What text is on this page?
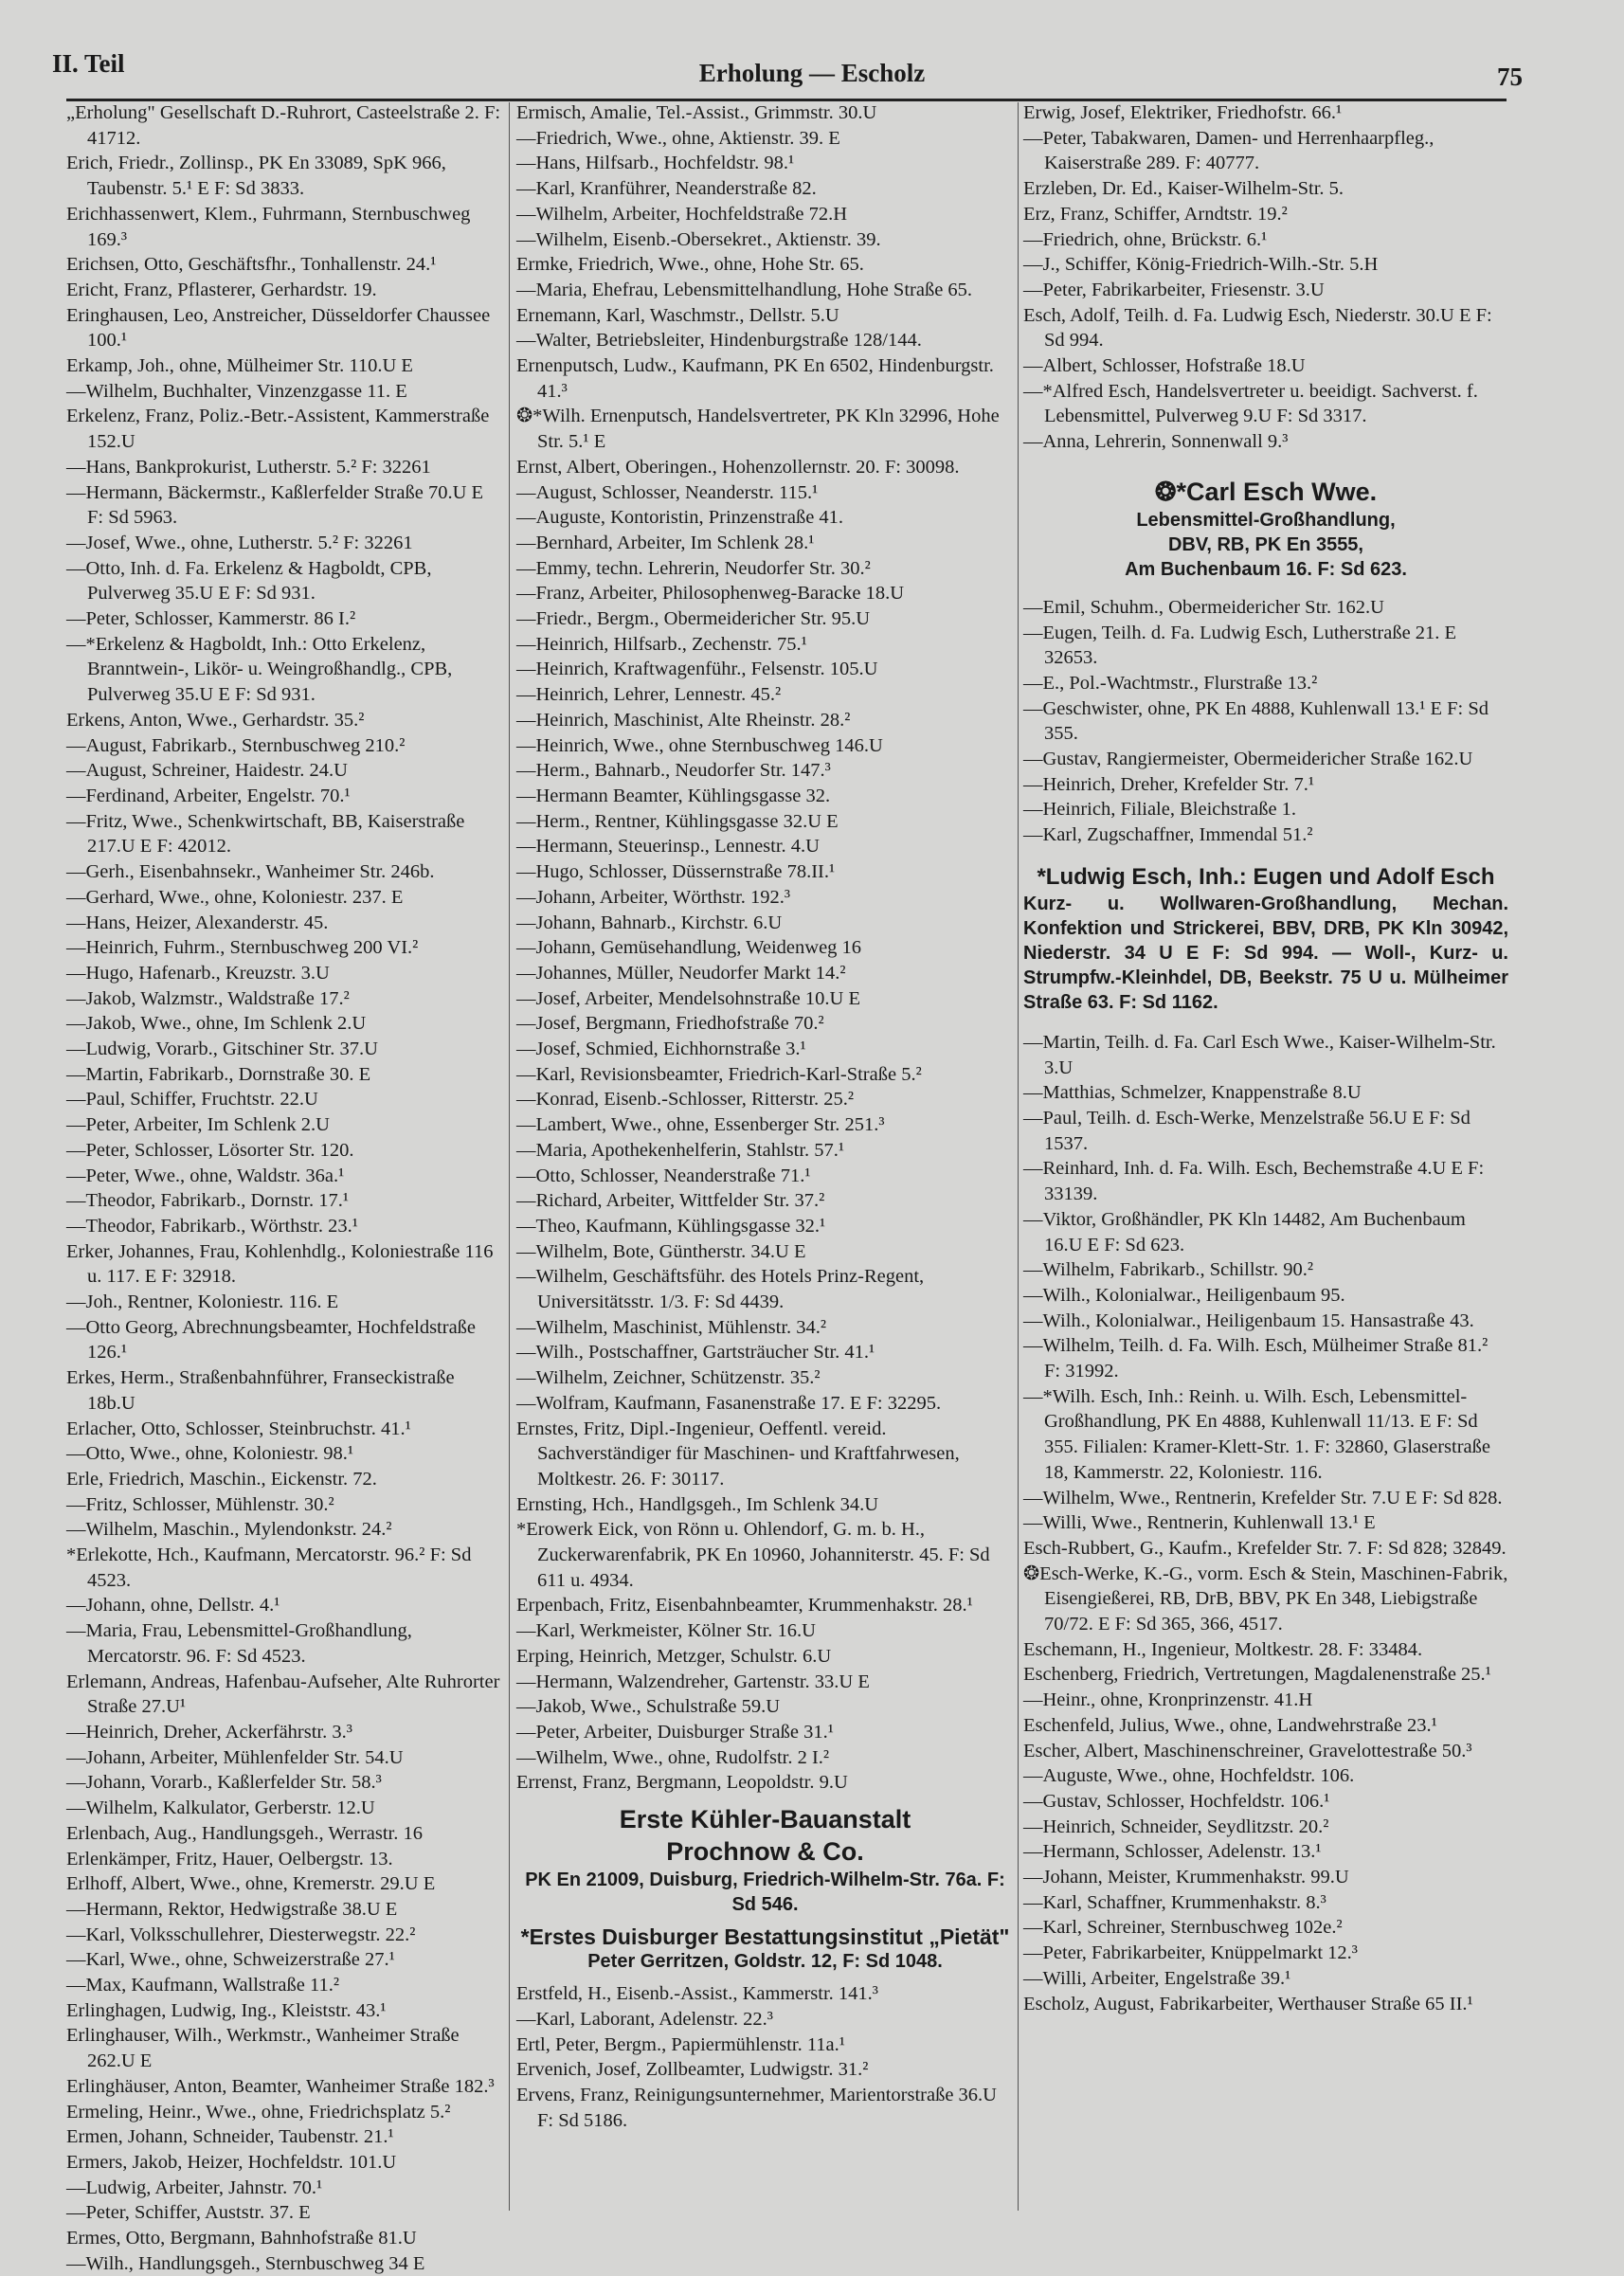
II. Teil	Erholung — Escholz	75
„Erholung" Gesellschaft D.-Ruhrort, Casteelstraße 2. F: 41712.
Erich, Friedr., Zollinsp., PK En 33089, SpK 966, Taubenstr. 5.¹ E F: Sd 3833.
Erichhassenwert, Klem., Fuhrmann, Sternbuschweg 169.³
Erichsen, Otto, Geschäftsfhr., Tonhallenstr. 24.¹
Ericht, Franz, Pflasterer, Gerhardstr. 19.
Eringhausen, Leo, Anstreicher, Düsseldorfer Chaussee 100.¹
Erkamp, Joh., ohne, Mülheimer Str. 110.U E
—Wilhelm, Buchhalter, Vinzenzgasse 11. E
Erkelenz, Franz, Poliz.-Betr.-Assistent, Kammerstraße 152.U
—Hans, Bankprokurist, Lutherstr. 5.² F: 32261
—Hermann, Bäckermstr., Kaßlerfelder Straße 70.U E F: Sd 5963.
—Josef, Wwe., ohne, Lutherstr. 5.² F: 32261
—Otto, Inh. d. Fa. Erkelenz & Hagboldt, CPB, Pulverweg 35.U E F: Sd 931.
—Peter, Schlosser, Kammerstr. 86 I.²
—*Erkelenz & Hagboldt, Inh.: Otto Erkelenz, Branntwein-, Likör- u. Weingroßhandlg., CPB, Pulverweg 35.U E F: Sd 931.
Erkens, Anton, Wwe., Gerhardstr. 35.²
—August, Fabrikarb., Sternbuschweg 210.²
—August, Schreiner, Haidestr. 24.U
—Ferdinand, Arbeiter, Engelstr. 70.¹
—Fritz, Wwe., Schenkwirtschaft, BB, Kaiserstraße 217.U E F: 42012.
—Gerh., Eisenbahnsekr., Wanheimer Str. 246b.
—Gerhard, Wwe., ohne, Koloniestr. 237. E
—Hans, Heizer, Alexanderstr. 45.
—Heinrich, Fuhrm., Sternbuschweg 200 VI.²
—Hugo, Hafenarb., Kreuzstr. 3.U
—Jakob, Walzmstr., Waldstraße 17.²
—Jakob, Wwe., ohne, Im Schlenk 2.U
—Ludwig, Vorarb., Gitschiner Str. 37.U
—Martin, Fabrikarb., Dornstraße 30. E
—Paul, Schiffer, Fruchtstr. 22.U
—Peter, Arbeiter, Im Schlenk 2.U
—Peter, Schlosser, Lösorter Str. 120.
—Peter, Wwe., ohne, Waldstr. 36a.¹
—Theodor, Fabrikarb., Dornstr. 17.¹
—Theodor, Fabrikarb., Wörthstr. 23.¹
Erker, Johannes, Frau, Kohlenhdlg., Koloniestraße 116 u. 117. E F: 32918.
—Joh., Rentner, Koloniestr. 116. E
—Otto Georg, Abrechnungsbeamter, Hochfeldstraße 126.¹
Erkes, Herm., Straßenbahnführer, Franseckistraße 18b.U
Erlacher, Otto, Schlosser, Steinbruchstr. 41.¹
—Otto, Wwe., ohne, Koloniestr. 98.¹
Erle, Friedrich, Maschin., Eickenstr. 72.
—Fritz, Schlosser, Mühlenstr. 30.²
—Wilhelm, Maschin., Mylendonkstr. 24.²
*Erlekotte, Hch., Kaufmann, Mercatorstr. 96.² F: Sd 4523.
—Johann, ohne, Dellstr. 4.¹
—Maria, Frau, Lebensmittel-Großhandlung, Mercatorstr. 96. F: Sd 4523.
Erlemann, Andreas, Hafenbau-Aufseher, Alte Ruhrorter Straße 27.U¹
—Heinrich, Dreher, Ackerfährstr. 3.³
—Johann, Arbeiter, Mühlenfelder Str. 54.U
—Johann, Vorarb., Kaßlerfelder Str. 58.³
—Wilhelm, Kalkulator, Gerberstr. 12.U
Erlenbach, Aug., Handlungsgeh., Werrastr. 16
Erlenkämper, Fritz, Hauer, Oelbergstr. 13.
Erlhoff, Albert, Wwe., ohne, Kremerstr. 29.U E
—Hermann, Rektor, Hedwigstraße 38.U E
—Karl, Volksschullehrer, Diesterwegstr. 22.²
—Karl, Wwe., ohne, Schweizerstraße 27.¹
—Max, Kaufmann, Wallstraße 11.²
Erlinghagen, Ludwig, Ing., Kleiststr. 43.¹
Erlinghauser, Wilh., Werkmstr., Wanheimer Straße 262.U E
Erlinghäuser, Anton, Beamter, Wanheimer Straße 182.³
Ermeling, Heinr., Wwe., ohne, Friedrichsplatz 5.²
Ermen, Johann, Schneider, Taubenstr. 21.¹
Ermers, Jakob, Heizer, Hochfeldstr. 101.U
—Ludwig, Arbeiter, Jahnstr. 70.¹
—Peter, Schiffer, Auststr. 37. E
Ermes, Otto, Bergmann, Bahnhofstraße 81.U
—Wilh., Handlungsgeh., Sternbuschweg 34 E
Ermisch, Amalie, Tel.-Assist., Grimmstr. 30.U
—Friedrich, Wwe., ohne, Aktienstr. 39. E
—Hans, Hilfsarb., Hochfeldstr. 98.¹
—Karl, Kranführer, Neanderstraße 82.
—Wilhelm, Arbeiter, Hochfeldstraße 72.H
—Wilhelm, Eisenb.-Obersekret., Aktienstr. 39.
Ermke, Friedrich, Wwe., ohne, Hohe Str. 65.
—Maria, Ehefrau, Lebensmittelhandlung, Hohe Straße 65.
Ernemann, Karl, Waschmstr., Dellstr. 5.U
—Walter, Betriebsleiter, Hindenburgstraße 128/144.
Ernenputsch, Ludw., Kaufmann, PK En 6502, Hindenburgstr. 41.³
❂*Wilh. Ernenputsch, Handelsvertreter, PK Kln 32996, Hohe Str. 5.¹ E
Ernst, Albert, Oberingen., Hohenzollernstr. 20. F: 30098.
—August, Schlosser, Neanderstr. 115.¹
—Auguste, Kontoristin, Prinzenstraße 41.
—Bernhard, Arbeiter, Im Schlenk 28.¹
—Emmy, techn. Lehrerin, Neudorfer Str. 30.²
—Franz, Arbeiter, Philosophenweg-Baracke 18.U
—Friedr., Bergm., Obermeidericher Str. 95.U
—Heinrich, Hilfsarb., Zechenstr. 75.¹
—Heinrich, Kraftwagenführ., Felsenstr. 105.U
—Heinrich, Lehrer, Lennestr. 45.²
—Heinrich, Maschinist, Alte Rheinstr. 28.²
—Heinrich, Wwe., ohne Sternbuschweg 146.U
—Herm., Bahnarb., Neudorfer Str. 147.³
—Hermann Beamter, Kühlingsgasse 32.
—Herm., Rentner, Kühlingsgasse 32.U E
—Hermann, Steuerinsp., Lennestr. 4.U
—Hugo, Schlosser, Düssernstraße 78.II.¹
—Johann, Arbeiter, Wörthstr. 192.³
—Johann, Bahnarb., Kirchstr. 6.U
—Johann, Gemüsehandlung, Weidenweg 16
—Johannes, Müller, Neudorfer Markt 14.²
—Josef, Arbeiter, Mendelsohnstraße 10.U E
—Josef, Bergmann, Friedhofstraße 70.²
—Josef, Schmied, Eichhornstraße 3.¹
—Karl, Revisionsbeamter, Friedrich-Karl-Straße 5.²
—Konrad, Eisenb.-Schlosser, Ritterstr. 25.²
—Lambert, Wwe., ohne, Essenberger Str. 251.³
—Maria, Apothekenhelferin, Stahlstr. 57.¹
—Otto, Schlosser, Neanderstraße 71.¹
—Richard, Arbeiter, Wittfelder Str. 37.²
—Theo, Kaufmann, Kühlingsgasse 32.¹
—Wilhelm, Bote, Güntherstr. 34.U E
—Wilhelm, Geschäftsführ. des Hotels Prinz-Regent, Universitätsstr. 1/3. F: Sd 4439.
—Wilhelm, Maschinist, Mühlenstr. 34.²
—Wilh., Postschaffner, Gartsträucher Str. 41.¹
—Wilhelm, Zeichner, Schützenstr. 35.²
—Wolfram, Kaufmann, Fasanenstraße 17. E F: 32295.
Ernstes, Fritz, Dipl.-Ingenieur, Oeffentl. vereid. Sachverständiger für Maschinen- und Kraftfahrwesen, Moltkestr. 26. F: 30117.
Ernsting, Hch., Handlgsgeh., Im Schlenk 34.U
*Erowerk Eick, von Rönn u. Ohlendorf, G. m. b. H., Zuckerwarenfabrik, PK En 10960, Johanniterstr. 45. F: Sd 611 u. 4934.
Erpenbach, Fritz, Eisenbahnbeamter, Krummenhakstr. 28.¹
—Karl, Werkmeister, Kölner Str. 16.U
Erping, Heinrich, Metzger, Schulstr. 6.U
—Hermann, Walzendreher, Gartenstr. 33.U E
—Jakob, Wwe., Schulstraße 59.U
—Peter, Arbeiter, Duisburger Straße 31.¹
—Wilhelm, Wwe., ohne, Rudolfstr. 2 I.²
Errenst, Franz, Bergmann, Leopoldstr. 9.U
Erste Kühler-Bauanstalt
Prochnow & Co.
PK En 21009, Duisburg, Friedrich-Wilhelm-Str. 76a. F: Sd 546.
*Erstes Duisburger Bestattungsinstitut „Pietät"
Peter Gerritzen, Goldstr. 12, F: Sd 1048.
Erstfeld, H., Eisenb.-Assist., Kammerstr. 141.³
—Karl, Laborant, Adelenstr. 22.³
Ertl, Peter, Bergm., Papiermühlenstr. 11a.¹
Ervenich, Josef, Zollbeamter, Ludwigstr. 31.²
Ervens, Franz, Reinigungsunternehmer, Marientorstraße 36.U F: Sd 5186.
Erwig, Josef, Elektriker, Friedhofstr. 66.¹
—Peter, Tabakwaren, Damen- und Herrenhaarpfleg., Kaiserstraße 289. F: 40777.
Erzleben, Dr. Ed., Kaiser-Wilhelm-Str. 5.
Erz, Franz, Schiffer, Arndtstr. 19.²
—Friedrich, ohne, Brückstr. 6.¹
—J., Schiffer, König-Friedrich-Wilh.-Str. 5.H
—Peter, Fabrikarbeiter, Friesenstr. 3.U
Esch, Adolf, Teilh. d. Fa. Ludwig Esch, Niederstr. 30.U E F: Sd 994.
—Albert, Schlosser, Hofstraße 18.U
—*Alfred Esch, Handelsvertreter u. beeidigt. Sachverst. f. Lebensmittel, Pulverweg 9.U F: Sd 3317.
—Anna, Lehrerin, Sonnenwall 9.³
❂*Carl Esch Wwe.
Lebensmittel-Großhandlung,
DBV, RB, PK En 3555,
Am Buchenbaum 16. F: Sd 623.
—Emil, Schuhm., Obermeidericher Str. 162.U
—Eugen, Teilh. d. Fa. Ludwig Esch, Lutherstraße 21. E 32653.
—E., Pol.-Wachtmstr., Flurstraße 13.²
—Geschwister, ohne, PK En 4888, Kuhlenwall 13.¹ E F: Sd 355.
—Gustav, Rangiermeister, Obermeidericher Straße 162.U
—Heinrich, Dreher, Krefelder Str. 7.¹
—Heinrich, Filiale, Bleichstraße 1.
—Karl, Zugschaffner, Immendal 51.²
*Ludwig Esch, Inh.: Eugen und Adolf Esch
Kurz- u. Wollwaren-Großhandlung, Mechan. Konfektion und Strickerei, BBV, DRB, PK Kln 30942, Niederstr. 34 U E F: Sd 994. — Woll-, Kurz- u. Strumpfw.-Kleinhdel, DB, Beekstr. 75 U u. Mülheimer Straße 63. F: Sd 1162.
—Martin, Teilh. d. Fa. Carl Esch Wwe., Kaiser-Wilhelm-Str. 3.U
—Matthias, Schmelzer, Knappenstraße 8.U
—Paul, Teilh. d. Esch-Werke, Menzelstraße 56.U E F: Sd 1537.
—Reinhard, Inh. d. Fa. Wilh. Esch, Bechemstraße 4.U E F: 33139.
—Viktor, Großhändler, PK Kln 14482, Am Buchenbaum 16.U E F: Sd 623.
—Wilhelm, Fabrikarb., Schillstr. 90.²
—Wilh., Kolonialwar., Heiligenbaum 95.
—Wilh., Kolonialwar., Heiligenbaum 15. Hansastraße 43.
—Wilhelm, Teilh. d. Fa. Wilh. Esch, Mülheimer Straße 81.² F: 31992.
—*Wilh. Esch, Inh.: Reinh. u. Wilh. Esch, Lebensmittel-Großhandlung, PK En 4888, Kuhlenwall 11/13. E F: Sd 355. Filialen: Kramer-Klett-Str. 1. F: 32860, Glaserstraße 18, Kammerstr. 22, Koloniestr. 116.
—Wilhelm, Wwe., Rentnerin, Krefelder Str. 7.U E F: Sd 828.
—Willi, Wwe., Rentnerin, Kuhlenwall 13.¹ E
Esch-Rubbert, G., Kaufm., Krefelder Str. 7. F: Sd 828; 32849.
❂Esch-Werke, K.-G., vorm. Esch & Stein, Maschinen-Fabrik, Eisengießerei, RB, DrB, BBV, PK En 348, Liebigstraße 70/72. E F: Sd 365, 366, 4517.
Eschemann, H., Ingenieur, Moltkestr. 28. F: 33484.
Eschenberg, Friedrich, Vertretungen, Magdalenenstraße 25.¹
—Heinr., ohne, Kronprinzenstr. 41.H
Eschenfeld, Julius, Wwe., ohne, Landwehrstraße 23.¹
Escher, Albert, Maschinenschreiner, Gravelottestraße 50.³
—Auguste, Wwe., ohne, Hochfeldstr. 106.
—Gustav, Schlosser, Hochfeldstr. 106.¹
—Heinrich, Schneider, Seydlitzstr. 20.²
—Hermann, Schlosser, Adelenstr. 13.¹
—Johann, Meister, Krummenhakstr. 99.U
—Karl, Schaffner, Krummenhakstr. 8.³
—Karl, Schreiner, Sternbuschweg 102e.²
—Peter, Fabrikarbeiter, Knüppelmarkt 12.³
—Willi, Arbeiter, Engelstraße 39.¹
Escholz, August, Fabrikarbeiter, Werthauser Straße 65 II.¹
